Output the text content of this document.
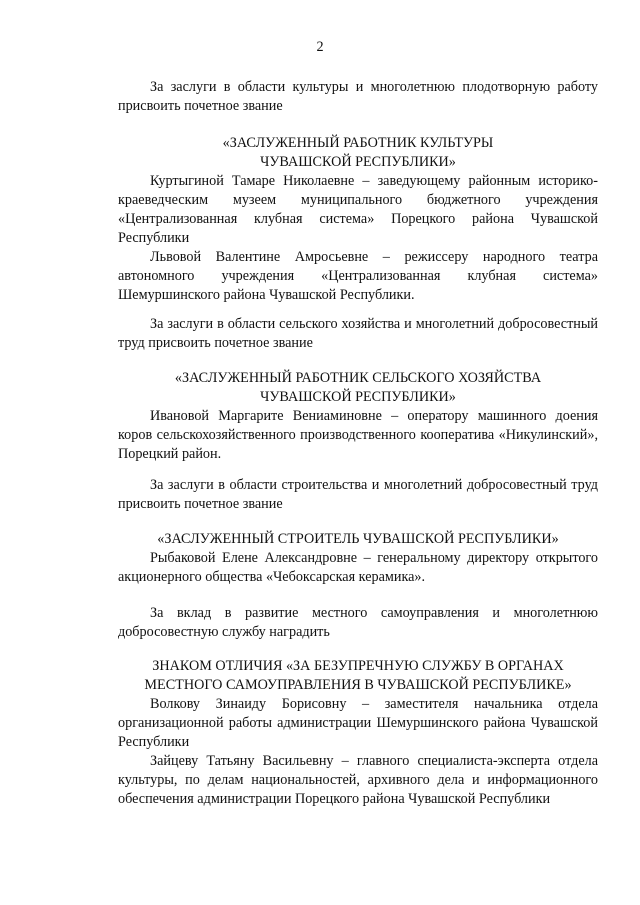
2

За заслуги в области культуры и многолетнюю плодотворную работу присвоить почетное звание

«ЗАСЛУЖЕННЫЙ РАБОТНИК КУЛЬТУРЫ

ЧУВАШСКОЙ РЕСПУБЛИКИ»

Куртыгиной Тамаре Николаевне – заведующему районным историко-краеведческим музеем муниципального бюджетного учреждения «Централизованная клубная система» Порецкого района Чувашской Республики

Львовой Валентине Амросьевне – режиссеру народного театра автономного учреждения «Централизованная клубная система» Шемуршинского района Чувашской Республики.

За заслуги в области сельского хозяйства и многолетний добросовестный труд присвоить почетное звание

«ЗАСЛУЖЕННЫЙ РАБОТНИК СЕЛЬСКОГО ХОЗЯЙСТВА

ЧУВАШСКОЙ РЕСПУБЛИКИ»

Ивановой Маргарите Вениаминовне – оператору машинного доения коров сельскохозяйственного производственного кооператива «Никулинский», Порецкий район.

За заслуги в области строительства и многолетний добросовестный труд присвоить почетное звание

«ЗАСЛУЖЕННЫЙ СТРОИТЕЛЬ ЧУВАШСКОЙ РЕСПУБЛИКИ»

Рыбаковой Елене Александровне – генеральному директору открытого акционерного общества «Чебоксарская керамика».

За вклад в развитие местного самоуправления и многолетнюю добросовестную службу наградить

ЗНАКОМ ОТЛИЧИЯ «ЗА БЕЗУПРЕЧНУЮ СЛУЖБУ В ОРГАНАХ

МЕСТНОГО САМОУПРАВЛЕНИЯ В ЧУВАШСКОЙ РЕСПУБЛИКЕ»

Волкову Зинаиду Борисовну – заместителя начальника отдела организационной работы администрации Шемуршинского района Чувашской Республики

Зайцеву Татьяну Васильевну – главного специалиста-эксперта отдела культуры, по делам национальностей, архивного дела и информационного обеспечения администрации Порецкого района Чувашской Республики
